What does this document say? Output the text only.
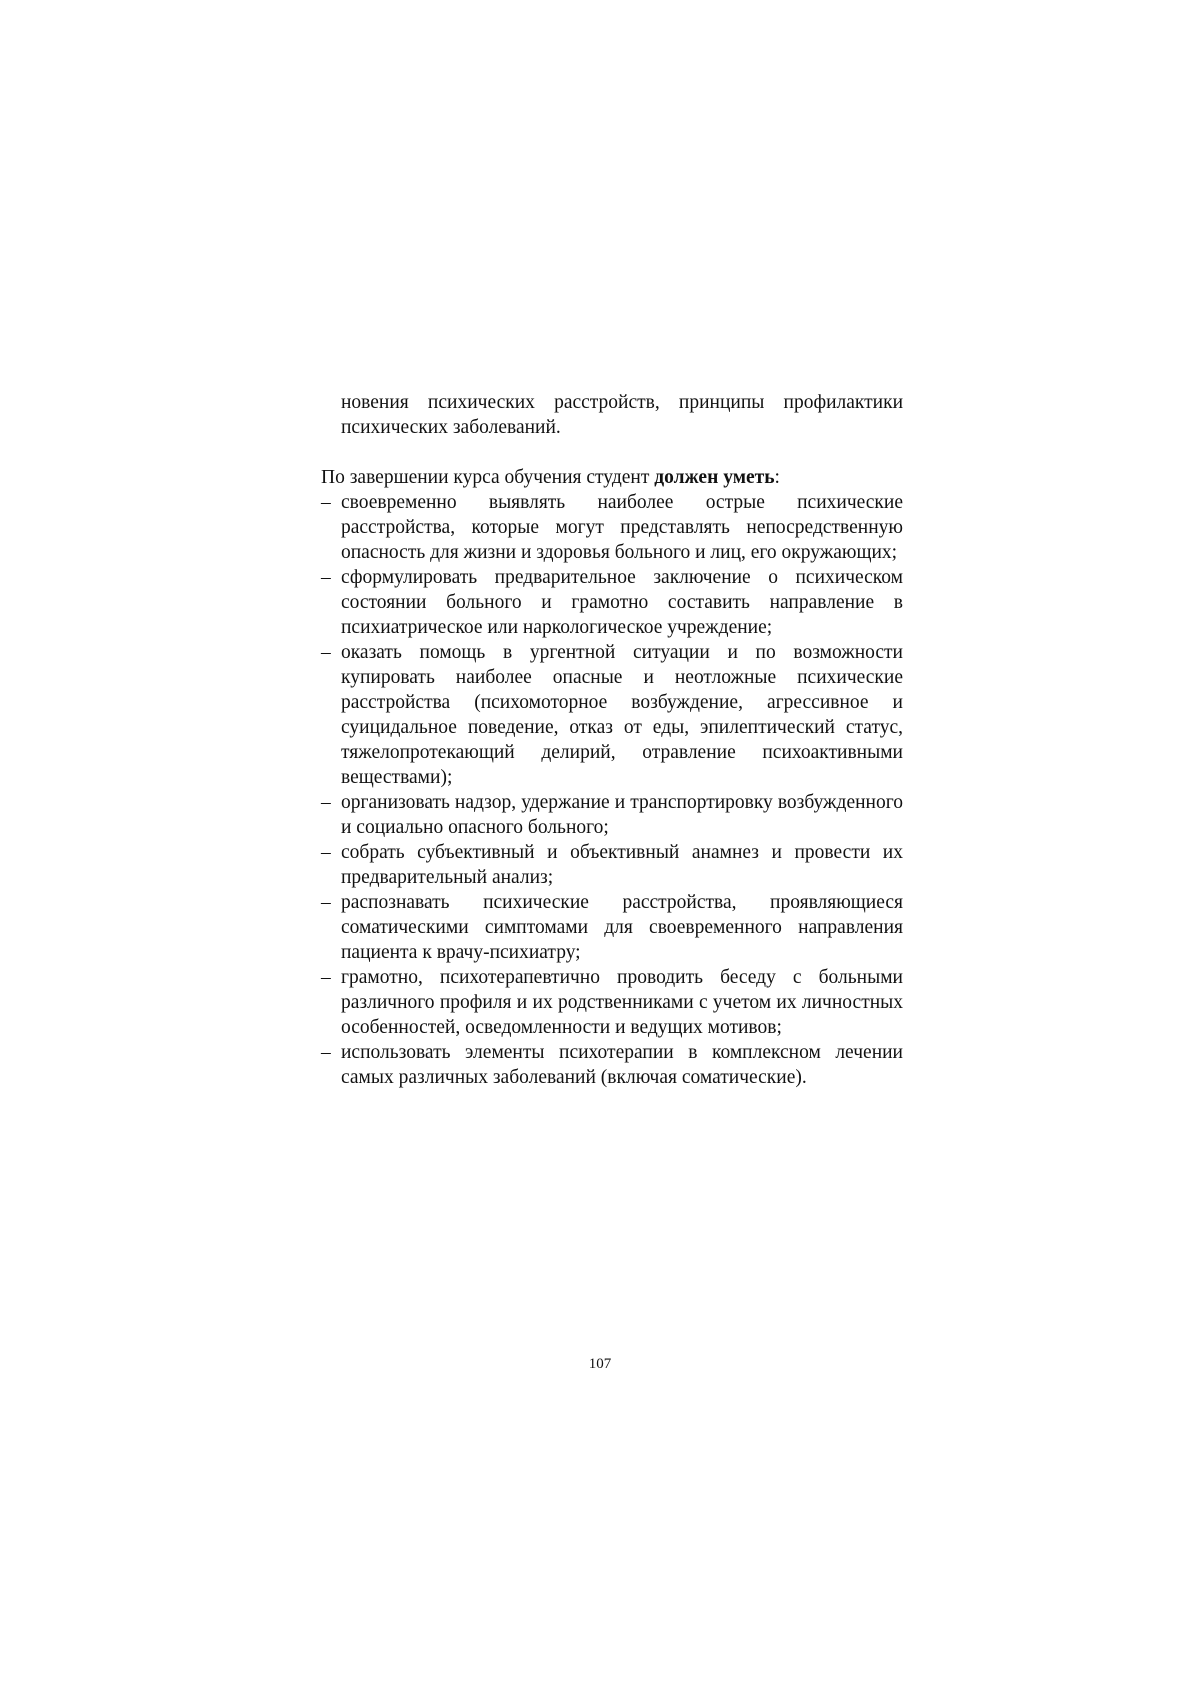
новения психических расстройств, принципы профилактики психических заболеваний.

По завершении курса обучения студент должен уметь:

– своевременно выявлять наиболее острые психические расстройства, которые могут представлять непосредственную опасность для жизни и здоровья больного и лиц, его окружающих;
– сформулировать предварительное заключение о психическом состоянии больного и грамотно составить направление в психиатрическое или наркологическое учреждение;
– оказать помощь в ургентной ситуации и по возможности купировать наиболее опасные и неотложные психические расстройства (психомоторное возбуждение, агрессивное и суицидальное поведение, отказ от еды, эпилептический статус, тяжелопротекающий делирий, отравление психоактивными веществами);
– организовать надзор, удержание и транспортировку возбужденного и социально опасного больного;
– собрать субъективный и объективный анамнез и провести их предварительный анализ;
– распознавать психические расстройства, проявляющиеся соматическими симптомами для своевременного направления пациента к врачу-психиатру;
– грамотно, психотерапевтично проводить беседу с больными различного профиля и их родственниками с учетом их личностных особенностей, осведомленности и ведущих мотивов;
– использовать элементы психотерапии в комплексном лечении самых различных заболеваний (включая соматические).
107
